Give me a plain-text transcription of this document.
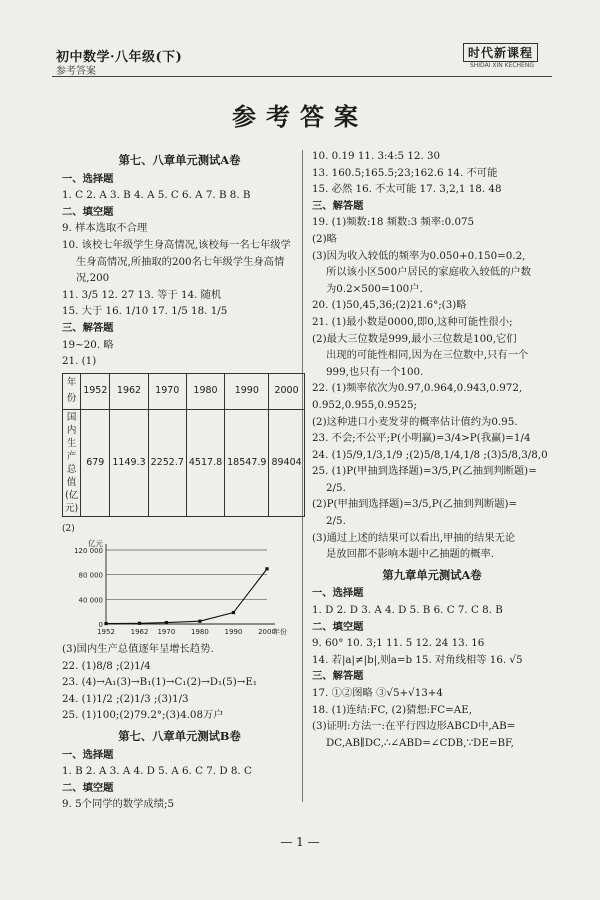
初中数学·八年级(下)
参考答案
时代新课程
SHIDAI XIN KECHENG
参考答案
第七、八章单元测试A卷
一、选择题
1. C 2. A 3. B 4. A 5. C 6. A 7. B 8. B
二、填空题
9. 样本选取不合理
10. 该校七年级学生身高情况,该校每一名七年级学
生身高情况,所抽取的200名七年级学生身高情
况,200
11. 3/5 12. 27 13. 等于 14. 随机
15. 大于 16. 1/10 17. 1/5 18. 1/5
三、解答题
19~20. 略
21. (1)
年份	1952	1962	1970	1980	1990	2000
国内生产总值(亿元)	679	1149.3	2252.7	4517.8	18547.9	89404
(2)
0
40 000
80 000
120 000
亿元
年份
1952 1962 1970 1980 1990 2000
(3)国内生产总值逐年呈增长趋势.
22. (1)8/8 ;(2)1/4
23. (4)→A₁(3)→B₁(1)→C₁(2)→D₁(5)→E₁
24. (1)1/2 ;(2)1/3 ;(3)1/3
25. (1)100;(2)79.2°;(3)4.08万户
第七、八章单元测试B卷
一、选择题
1. B 2. A 3. A 4. D 5. A 6. C 7. D 8. C
二、填空题
9. 5个同学的数学成绩;5
10. 0.19 11. 3:4:5 12. 30
13. 160.5;165.5;23;162.6 14. 不可能
15. 必然 16. 不太可能 17. 3,2,1 18. 48
三、解答题
19. (1)频数:18 频数:3 频率:0.075
(2)略
(3)因为收入较低的频率为0.050+0.150=0.2,
所以该小区500户居民的家庭收入较低的户数
为0.2×500=100户.
20. (1)50,45,36;(2)21.6°;(3)略
21. (1)最小数是0000,即0,这种可能性很小;
(2)最大三位数是999,最小三位数是100,它们
出现的可能性相同,因为在三位数中,只有一个
999,也只有一个100.
22. (1)频率依次为0.97,0.964,0.943,0.972,
0.952,0.955,0.9525;
(2)这种进口小麦发芽的概率估计值约为0.95.
23. 不会;不公平;P(小明赢)=3/4>P(我赢)=1/4
24. (1)5/9,1/3,1/9 ;(2)5/8,1/4,1/8 ;(3)5/8,3/8,0
25. (1)P(甲抽到选择题)=3/5,P(乙抽到判断题)=
2/5.
(2)P(甲抽到选择题)=3/5,P(乙抽到判断题)=
2/5.
(3)通过上述的结果可以看出,甲抽的结果无论
是放回都不影响本题中乙抽题的概率.
第九章单元测试A卷
一、选择题
1. D 2. D 3. A 4. D 5. B 6. C 7. C 8. B
二、填空题
9. 60° 10. 3;1 11. 5 12. 24 13. 16
14. 若|a|≠|b|,则a=b 15. 对角线相等 16. √5
三、解答题
17. ①②图略 ③√5+√13+4
18. (1)连结:FC, (2)猜想:FC=AE,
(3)证明:方法一:在平行四边形ABCD中,AB=
DC,AB∥DC,∴∠ABD=∠CDB,∵DE=BF,
— 1 —
